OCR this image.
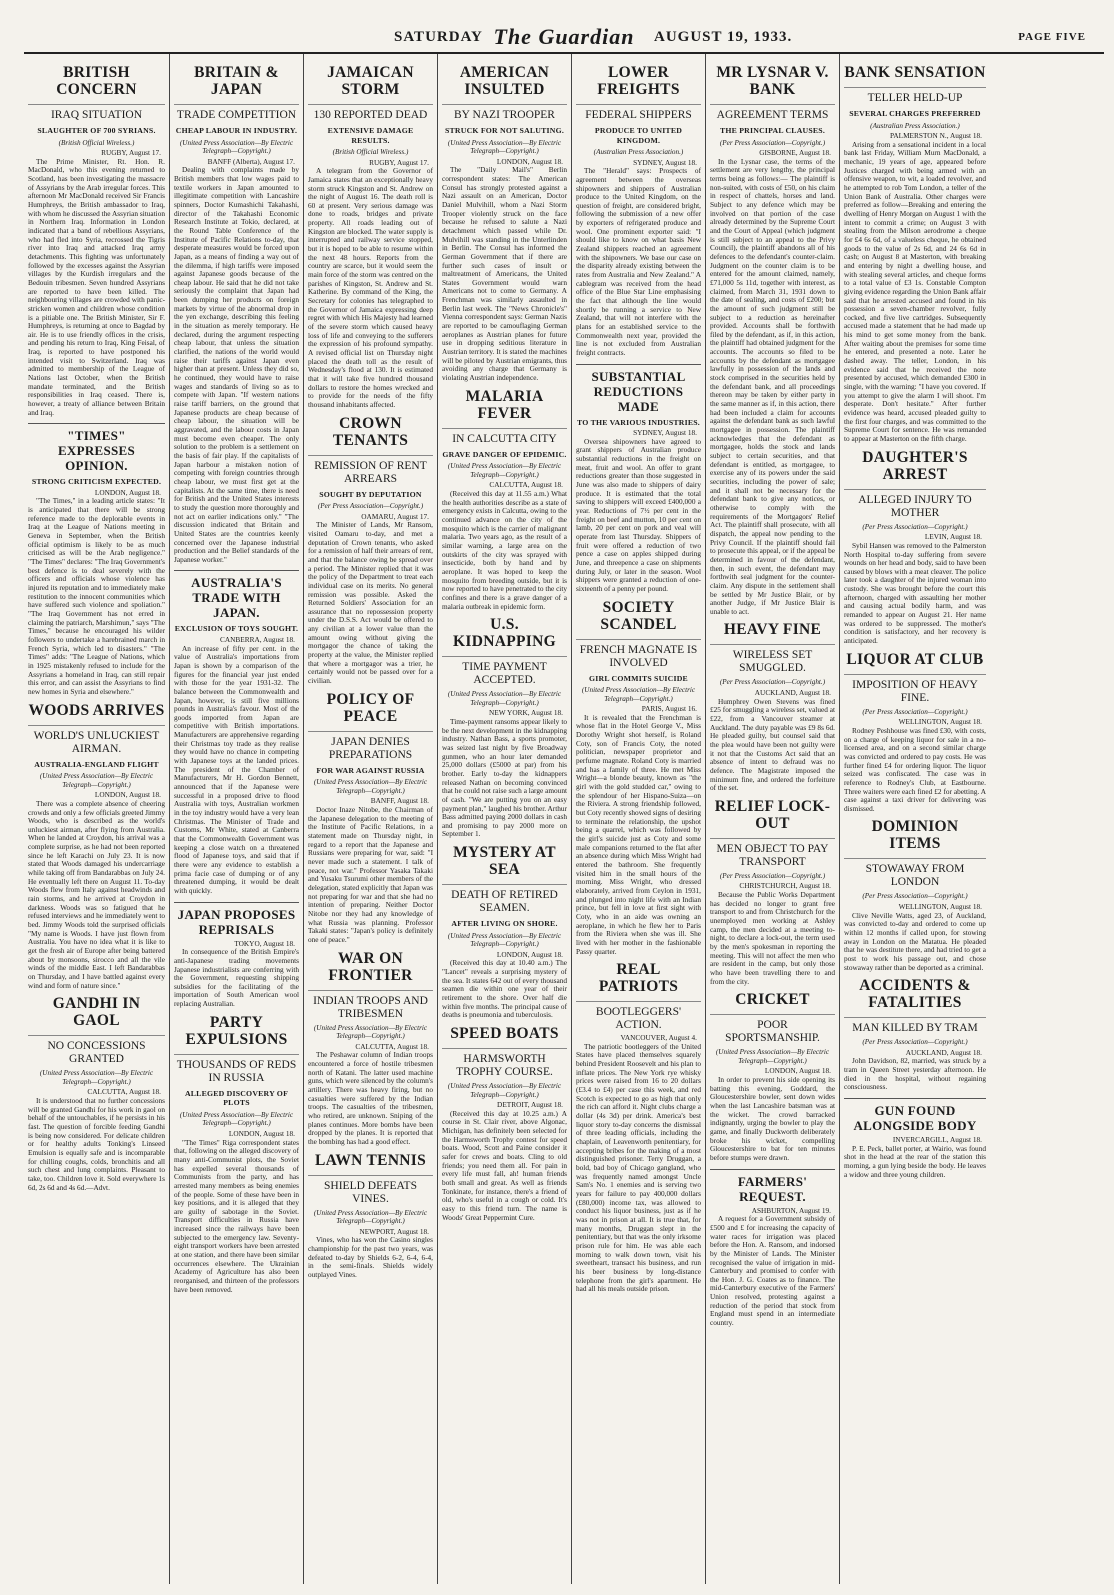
SATURDAY The Guardian AUGUST 19, 1933.	PAGE FIVE
BRITISH CONCERN
IRAQ SITUATION
SLAUGHTER OF 700 SYRIANS.
(British Official Wireless.)
RUGBY, August 17.

The Prime Minister, Rt. Hon. R. MacDonald, who this evening returned to Scotland, has been investigating the massacre of Assyrians by the Arab irregular forces. This afternoon Mr MacDonald received Sir Francis Humphreys, the British ambassador to Iraq, with whom he discussed the Assyrian situation in Northern Iraq. Information in London indicated that a band of rebellious Assyrians, who had fled into Syria, recrossed the Tigris river into Iraq and attacked Iraq army detachments. This fighting was unfortunately followed by the excesses against the Assyrian villages by the Kurdish irregulars and the Bedouin tribesmen. Seven hundred Assyrians are reported to have been killed. The neighbouring villages are crowded with panic-stricken women and children whose condition is a pitiable one. The British Minister, Sir F. Humphreys, is returning at once to Bagdad by air. He is to use friendly offices in the crisis, and pending his return to Iraq, King Feisal, of Iraq, is reported to have postponed his intended visit to Switzerland. Iraq was admitted to membership of the League of Nations last October, when the British mandate terminated, and the British responsibilities in Iraq ceased. There is, however, a treaty of alliance between Britain and Iraq.

"TIMES" EXPRESSES OPINION.
STRONG CRITICISM EXPECTED.
LONDON, August 18.

"The Times," in a leading article states: "It is anticipated that there will be strong reference made to the deplorable events in Iraq at the League of Nations meeting in Geneva in September, when the British official optimism is likely to be as much criticised as will be the Arab negligence." "The Times" declares: "The Iraq Government's best defence is to deal severely with the officers and officials whose violence has injured its reputation and to immediately make restitution to the innocent communities which have suffered such violence and spoliation." "The Iraq Government has not erred in claiming the patriarch, Marshimun," says "The Times," because he encouraged his wilder followers to undertake a harebrained march in French Syria, which led to disasters." "The Times" adds: "The League of Nations, which in 1925 mistakenly refused to include for the Assyrians a homeland in Iraq, can still repair this error, and can assist the Assyrians to find new homes in Syria and elsewhere."

WOODS ARRIVES
WORLD'S UNLUCKIEST AIRMAN.
AUSTRALIA-ENGLAND FLIGHT
(United Press Association—By Electric Telegraph—Copyright.)
LONDON, August 18.

There was a complete absence of cheering crowds and only a few officials greeted Jimmy Woods, who is described as the world's unluckiest airman, after flying from Australia. When he landed at Croydon, his arrival was a complete surprise, as he had not been reported since he left Karachi on July 23. It is now stated that Woods damaged his undercarriage while taking off from Bandarabbas on July 24. He eventually left there on August 11. To-day Woods flew from Italy against headwinds and rain storms, and he arrived at Croydon in darkness. Woods was so fatigued that he refused interviews and he immediately went to bed. Jimmy Woods told the surprised officials "My name is Woods. I have just flown from Australia. You have no idea what it is like to get the fresh air of Europe after being battered about by monsoons, sirocco and all the vile winds of the middle East. I left Bandarabbas on Thursday, and I have battled against every wind and form of nature since."

GANDHI IN GAOL
NO CONCESSIONS GRANTED
(United Press Association—By Electric Telegraph—Copyright.)
CALCUTTA, August 18.

It is understood that no further concessions will be granted Gandhi for his work in gaol on behalf of the untouchables, if he persists in his fast. The question of forcible feeding Gandhi is being now considered. For delicate children or for healthy adults Tonking's Linseed Emulsion is equally safe and is incomparable for chilling coughs, colds, bronchitis and all such chest and lung complaints. Pleasant to take, too. Children love it. Sold everywhere 1s 6d, 2s 6d and 4s 6d.—Advt.

BRITAIN & JAPAN
TRADE COMPETITION
CHEAP LABOUR IN INDUSTRY.
(United Press Association—By Electric Telegraph—Copyright.)
BANFF (Alberta), August 17.

Dealing with complaints made by British members that low wages paid to textile workers in Japan amounted to illegitimate competition with Lancashire spinners, Doctor Kumashichi Takahashi, director of the Takahashi Economic Research Institute at Tokio, declared, at the Round Table Conference of the Institute of Pacific Relations to-day, that desperate measures would be forced upon Japan, as a means of finding a way out of the dilemma, if high tariffs were imposed against Japanese goods because of the cheap labour. He said that he did not take seriously the complaint that Japan had been dumping her products on foreign markets by virtue of the abnormal drop in the yen exchange, describing this feeling in the situation as merely temporary. He declared, during the argument respecting cheap labour, that unless the situation clarified, the nations of the world would raise their tariffs against Japan even higher than at present. Unless they did so, he continued, they would have to raise wages and standards of living so as to compete with Japan. "If western nations raise tariff barriers, on the ground that Japanese products are cheap because of cheap labour, the situation will be aggravated, and the labour costs in Japan must become even cheaper. The only solution to the problem is a settlement on the basis of fair play. If the capitalists of Japan harbour a mistaken notion of competing with foreign countries through cheap labour, we must first get at the capitalists. At the same time, there is need for British and the United States interests to study the question more thoroughly and not act on earlier indications only." "The discussion indicated that Britain and United States are the countries keenly concerned over the Japanese industrial production and the Belief standards of the Japanese worker."

AUSTRALIA'S TRADE WITH JAPAN.
EXCLUSION OF TOYS SOUGHT.
CANBERRA, August 18.

An increase of fifty per cent. in the value of Australia's importations from Japan is shown by a comparison of the figures for the financial year just ended with those for the year 1931-32. The balance between the Commonwealth and Japan, however, is still five millions pounds in Australia's favour. Most of the goods imported from Japan are competitive with British importations. Manufacturers are apprehensive regarding their Christmas toy trade as they realise they would have no chance in competing with Japanese toys at the landed prices. The president of the Chamber of Manufacturers, Mr H. Gordon Bennett, announced that if the Japanese were successful in a proposed drive to flood Australia with toys, Australian workmen in the toy industry would have a very lean Christmas. The Minister of Trade and Customs, Mr White, stated at Canberra that the Commonwealth Government was keeping a close watch on a threatened flood of Japanese toys, and said that if there were any evidence to establish a prima facie case of dumping or of any threatened dumping, it would be dealt with quickly.

JAPAN PROPOSES REPRISALS
TOKYO, August 18.

In consequence of the British Empire's anti-Japanese trading movements Japanese industrialists are conferring with the Government, requesting shipping subsidies for the facilitating of the importation of South American wool replacing Australian.

PARTY EXPULSIONS
THOUSANDS OF REDS IN RUSSIA
ALLEGED DISCOVERY OF PLOTS
(United Press Association—By Electric Telegraph—Copyright.)
LONDON, August 18.

"The Times" Riga correspondent states that, following on the alleged discovery of many anti-Communist plots, the Soviet has expelled several thousands of Communists from the party, and has arrested many members as being enemies of the people. Some of these have been in key positions, and it is alleged that they are guilty of sabotage in the Soviet. Transport difficulties in Russia have increased since the railways have been subjected to the emergency law. Seventy-eight transport workers have been arrested at one station, and there have been similar occurrences elsewhere. The Ukrainian Academy of Agriculture has also been reorganised, and thirteen of the professors have been removed.

JAMAICAN STORM
130 REPORTED DEAD
EXTENSIVE DAMAGE RESULTS.
(British Official Wireless.)
RUGBY, August 17.

A telegram from the Governor of Jamaica states that an exceptionally heavy storm struck Kingston and St. Andrew on the night of August 16. The death roll is 60 at present. Very serious damage was done to roads, bridges and private property. All roads leading out of Kingston are blocked. The water supply is interrupted and railway service stopped, but it is hoped to be able to resume within the next 48 hours. Reports from the country are scarce, but it would seem the main force of the storm was centred on the parishes of Kingston, St. Andrew and St. Katherine. By command of the King, the Secretary for colonies has telegraphed to the Governor of Jamaica expressing deep regret with which His Majesty had learned of the severe storm which caused heavy loss of life and conveying to the sufferers the expression of his profound sympathy. A revised official list on Thursday night placed the death toll as the result of Wednesday's flood at 130. It is estimated that it will take five hundred thousand dollars to restore the homes wrecked and to provide for the needs of the fifty thousand inhabitants affected.

CROWN TENANTS
REMISSION OF RENT ARREARS
SOUGHT BY DEPUTATION
(Per Press Association—Copyright.)
OAMARU, August 17.

The Minister of Lands, Mr Ransom, visited Oamaru to-day, and met a deputation of Crown tenants, who asked for a remission of half their arrears of rent, and that the balance owing be spread over a period. The Minister replied that it was the policy of the Department to treat each individual case on its merits. No general remission was possible. Asked the Returned Soldiers' Association for an assurance that no repossession property under the D.S.S. Act would be offered to any civilian at a lower value than the amount owing without giving the mortgagor the chance of taking the property at the value, the Minister replied that where a mortgagor was a trier, he certainly would not be passed over for a civilian.

POLICY OF PEACE
JAPAN DENIES PREPARATIONS
FOR WAR AGAINST RUSSIA
(United Press Association—By Electric Telegraph—Copyright.)
BANFF, August 18.

Doctor Inaze Nitobe, the Chairman of the Japanese delegation to the meeting of the Institute of Pacific Relations, in a statement made on Thursday night, in regard to a report that the Japanese and Russians were preparing for war, said: "I never made such a statement. I talk of peace, not war." Professor Yasaka Takaki and Yusaku Tsurumi other members of the delegation, stated explicitly that Japan was not preparing for war and that she had no intention of preparing. Neither Doctor Nitobe nor they had any knowledge of what Russia was planning. Professor Takaki states: "Japan's policy is definitely one of peace."

WAR ON FRONTIER
INDIAN TROOPS AND TRIBESMEN
(United Press Association—By Electric Telegraph—Copyright.)
CALCUTTA, August 18.

The Peshawar column of Indian troops encountered a force of hostile tribesmen north of Katani. The latter used machine guns, which were silenced by the column's artillery. There was heavy firing, but no casualties were suffered by the Indian troops. The casualties of the tribesmen, who retired, are unknown. Sniping of the planes continues. More bombs have been dropped by the planes. It is reported that the bombing has had a good effect.

LAWN TENNIS
SHIELD DEFEATS VINES.
(United Press Association—By Electric Telegraph—Copyright.)
NEWPORT, August 18.

Vines, who has won the Casino singles championship for the past two years, was defeated to-day by Shields 6-2, 6-4, 6-4, in the semi-finals. Shields widely outplayed Vines.

AMERICAN INSULTED
BY NAZI TROOPER
STRUCK FOR NOT SALUTING.
(United Press Association—By Electric Telegraph—Copyright.)
LONDON, August 18.

The "Daily Mail's" Berlin correspondent states: The American Consul has strongly protested against a Nazi assault on an American, Doctor Daniel Mulvihill, whom a Nazi Storm Trooper violently struck on the face because he refused to salute a Nazi detachment which passed while Dr. Mulvihill was standing in the Unterlinden in Berlin. The Consul has informed the German Government that if there are further such cases of insult or maltreatment of Americans, the United States Government would warn Americans not to come to Germany. A Frenchman was similarly assaulted in Berlin last week. The "News Chronicle's" Vienna correspondent says: German Nazis are reported to be camouflaging German aeroplanes as Austrian planes for future use in dropping seditious literature in Austrian territory. It is stated the machines will be piloted by Austrian emigrants, thus avoiding any charge that Germany is violating Austrian independence.

MALARIA FEVER
IN CALCUTTA CITY
GRAVE DANGER OF EPIDEMIC.
(United Press Association—By Electric Telegraph—Copyright.)
CALCUTTA, August 18.

(Received this day at 11.55 a.m.) What the health authorities describe as a state of emergency exists in Calcutta, owing to the continued advance on the city of the mosquito which is the carrier of malignant malaria. Two years ago, as the result of a similar warning, a large area on the outskirts of the city was sprayed with insecticide, both by hand and by aeroplane. It was hoped to keep the mosquito from breeding outside, but it is now reported to have penetrated to the city confines and there is a grave danger of a malaria outbreak in epidemic form.

U.S. KIDNAPPING
TIME PAYMENT ACCEPTED.
(United Press Association—By Electric Telegraph—Copyright.)
NEW YORK, August 18.

Time-payment ransoms appear likely to be the next development in the kidnapping industry. Nathan Bass, a sports promoter, was seized last night by five Broadway gunmen, who an hour later demanded 25,000 dollars (£5000 at par) from his brother. Early to-day the kidnappers released Nathan on becoming convinced that he could not raise such a large amount of cash. "We are putting you on an easy payment plan," laughed his brother. Arthur Bass admitted paying 2000 dollars in cash and promising to pay 2000 more on September 1.

MYSTERY AT SEA
DEATH OF RETIRED SEAMEN.
AFTER LIVING ON SHORE.
(United Press Association—By Electric Telegraph—Copyright.)
LONDON, August 18.

(Received this day at 10.40 a.m.) The "Lancet" reveals a surprising mystery of the sea. It states 642 out of every thousand seamen die within one year of their retirement to the shore. Over half die within five months. The principal cause of deaths is pneumonia and tuberculosis.

SPEED BOATS
HARMSWORTH TROPHY COURSE.
(United Press Association—By Electric Telegraph—Copyright.)
DETROIT, August 18.

(Received this day at 10.25 a.m.) A course in St. Clair river, above Algonac, Michigan, has definitely been selected for the Harmsworth Trophy contest for speed boats. Wood, Scott and Paine consider it safer for crews and boats. Cling to old friends; you need them all. For pain in every life must fall, ah! human friends both small and great. As well as friends Tonkinate, for instance, there's a friend of old, who's useful in a cough or cold. It's easy to this friend turn. The name is Woods' Great Peppermint Cure.

LOWER FREIGHTS
FEDERAL SHIPPERS
PRODUCE TO UNITED KINGDOM.
(Australian Press Association.)
SYDNEY, August 18.

The "Herald" says: Prospects of agreement between the overseas shipowners and shippers of Australian produce to the United Kingdom, on the question of freight, are considered bright, following the submission of a new offer by exporters of refrigerated produce and wool. One prominent exporter said: "I should like to know on what basis New Zealand shippers reached an agreement with the shipowners. We base our case on the disparity already existing between the rates from Australia and New Zealand." A cablegram was received from the head office of the Blue Star Line emphasising the fact that although the line would shortly be running a service to New Zealand, that will not interfere with the plans for an established service to the Commonwealth next year, provided the line is not excluded from Australian freight contracts.

SUBSTANTIAL REDUCTIONS MADE
TO THE VARIOUS INDUSTRIES.
SYDNEY, August 18.

Oversea shipowners have agreed to grant shippers of Australian produce substantial reductions in the freight on meat, fruit and wool. An offer to grant reductions greater than those suggested in June was also made to shippers of dairy produce. It is estimated that the total saving to shippers will exceed £400,000 a year. Reductions of 7½ per cent in the freight on beef and mutton, 10 per cent on lamb, 20 per cent on pork and veal will operate from last Thursday. Shippers of fruit were offered a reduction of two pence a case on apples shipped during June, and threepence a case on shipments during July, or later in the season. Wool shippers were granted a reduction of one-sixteenth of a penny per pound.

SOCIETY SCANDEL
FRENCH MAGNATE IS INVOLVED
GIRL COMMITS SUICIDE
(United Press Association—By Electric Telegraph—Copyright.)
PARIS, August 16.

It is revealed that the Frenchman is whose flat in the Hotel George V., Miss Dorothy Wright shot herself, is Roland Coty, son of Francis Coty, the noted politician, newspaper proprietor and perfume magnate. Roland Coty is married and has a family of three. He met Miss Wright—a blonde beauty, known as "the girl with the gold studded car," owing to the splendour of her Hispano-Suiza—on the Riviera. A strong friendship followed, but Coty recently showed signs of desiring to terminate the relationship, the upshot being a quarrel, which was followed by the girl's suicide just as Coty and some male companions returned to the flat after an absence during which Miss Wright had entered the bathroom. She frequently visited him in the small hours of the morning. Miss Wright, who dressed elaborately, arrived from Ceylon in 1931, and plunged into night life with an Indian prince, but fell in love at first sight with Coty, who in an aide was owning an aeroplane, in which he flew her to Paris from the Riviera when she was ill. She lived with her mother in the fashionable Passy quarter.

REAL PATRIOTS
BOOTLEGGERS' ACTION.
VANCOUVER, August 4.

The patriotic bootleggers of the United States have placed themselves squarely behind President Roosevelt and his plan to inflate prices. The New York rye whisky prices were raised from 16 to 20 dollars (£3.4 to £4) per case this week, and red Scotch is expected to go as high that only the rich can afford it. Night clubs charge a dollar (4s 3d) per drink. America's best liquor story to-day concerns the dismissal of three leading officials, including the chaplain, of Leavenworth penitentiary, for accepting bribes for the making of a most distinguished prisoner. Terry Druggan, a bold, bad boy of Chicago gangland, who was frequently named amongst Uncle Sam's No. 1 enemies and is serving two years for failure to pay 400,000 dollars (£80,000) income tax, was allowed to conduct his liquor business, just as if he was not in prison at all. It is true that, for many months, Druggan slept in the penitentiary, but that was the only irksome prison rule for him. He was able each morning to walk down town, visit his sweetheart, transact his business, and run his beer business by long-distance telephone from the girl's apartment. He had all his meals outside prison.

MR LYSNAR V. BANK
AGREEMENT TERMS
THE PRINCIPAL CLAUSES.
(Per Press Association—Copyright.)
GISBORNE, August 18.

In the Lysnar case, the terms of the settlement are very lengthy, the principal terms being as follows:— The plaintiff is non-suited, with costs of £50, on his claim in respect of chattels, horses and land. Subject to any defence which may be involved on that portion of the case already determined by the Supreme Court and the Court of Appeal (which judgment is still subject to an appeal to the Privy Council), the plaintiff abandons all of his defences to the defendant's counter-claim. Judgment on the counter claim is to be entered for the amount claimed, namely, £71,000 5s 11d, together with interest, as claimed, from March 31, 1931 down to the date of sealing, and costs of £200; but the amount of such judgment still be subject to a reduction as hereinafter provided. Accounts shall be forthwith filed by the defendant, as if, in this action, the plaintiff had obtained judgment for the accounts. The accounts so filed to be accounts by the defendant as mortgagee lawfully in possession of the lands and stock comprised in the securities held by the defendant bank, and all proceedings thereon may be taken by either party in the same manner as if, in this action, there had been included a claim for accounts against the defendant bank as such lawful mortgagee in possession. The plaintiff acknowledges that the defendant as mortgagee, holds the stock and lands subject to certain securities, and that defendant is entitled, as mortgagee, to exercise any of its powers under the said securities, including the power of sale; and it shall not be necessary for the defendant bank to give any notices, or otherwise to comply with the requirements of the Mortgagors' Relief Act. The plaintiff shall prosecute, with all dispatch, the appeal now pending to the Privy Council. If the plaintiff should fail to prosecute this appeal, or if the appeal be determined in favour of the defendant, then, in such event, the defendant may forthwith seal judgment for the counter-claim. Any dispute in the settlement shall be settled by Mr Justice Blair, or by another Judge, if Mr Justice Blair is unable to act.

HEAVY FINE
WIRELESS SET SMUGGLED.
(Per Press Association—Copyright.)
AUCKLAND, August 18.

Humphrey Owen Stevens was fined £25 for smuggling a wireless set, valued at £22, from a Vancouver steamer at Auckland. The duty payable was £9 8s 6d. He pleaded guilty, but counsel said that the plea would have been not guilty were it not that the Customs Act said that an absence of intent to defraud was no defence. The Magistrate imposed the minimum fine, and ordered the forfeiture of the set.

RELIEF LOCK-OUT
MEN OBJECT TO PAY TRANSPORT
(Per Press Association—Copyright.)
CHRISTCHURCH, August 18.

Because the Public Works Department has decided no longer to grant free transport to and from Christchurch for the unemployed men working at Ashley camp, the men decided at a meeting to-night, to declare a lock-out, the term used by the men's spokesman in reporting the meeting. This will not affect the men who are resident in the camp, but only those who have been travelling there to and from the city.

CRICKET
POOR SPORTSMANSHIP.
(United Press Association—By Electric Telegraph—Copyright.)
LONDON, August 18.

In order to prevent his side opening its batting this evening, Goddard, the Gloucestershire bowler, sent down wides when the last Lancashire batsman was at the wicket. The crowd barracked indignantly, urging the bowler to play the game, and finally Duckworth deliberately broke his wicket, compelling Gloucestershire to bat for ten minutes before stumps were drawn.

FARMERS' REQUEST.
ASHBURTON, August 19.

A request for a Government subsidy of £500 and £ for increasing the capacity of water races for irrigation was placed before the Hon. A. Ransom, and indorsed by the Minister of Lands. The Minister recognised the value of irrigation in mid-Canterbury and promised to confer with the Hon. J. G. Coates as to finance. The mid-Canterbury executive of the Farmers' Union resolved, protesting against a reduction of the period that stock from England must spend in an intermediate country.

BANK SENSATION
TELLER HELD-UP
SEVERAL CHARGES PREFERRED
(Australian Press Association.)
PALMERSTON N., August 18.

Arising from a sensational incident in a local bank last Friday, William Murn MacDonald, a mechanic, 19 years of age, appeared before Justices charged with being armed with an offensive weapon, to wit, a loaded revolver, and he attempted to rob Tom London, a teller of the Union Bank of Australia. Other charges were preferred as follow—Breaking and entering the dwelling of Henry Morgan on August 1 with the intent to commit a crime; on August 3 with stealing from the Milson aerodrome a cheque for £4 6s 6d, of a valueless cheque, he obtained goods to the value of 2s 6d, and 24 6s 6d in cash; on August 8 at Masterton, with breaking and entering by night a dwelling house, and with stealing several articles, and cheque forms to a total value of £3 1s. Constable Compton giving evidence regarding the Union Bank affair said that he arrested accused and found in his possession a seven-chamber revolver, fully cocked, and five live cartridges. Subsequently accused made a statement that he had made up his mind to get some money from the bank. After waiting about the premises for some time he entered, and presented a note. Later he dashed away. The teller, London, in his evidence said that he received the note presented by accused, which demanded £300 in single, with the warning: "I have you covered. If you attempt to give the alarm I will shoot. I'm desperate. Don't hesitate." After further evidence was heard, accused pleaded guilty to the first four charges, and was committed to the Supreme Court for sentence. He was remanded to appear at Masterton on the fifth charge.

DAUGHTER'S ARREST
ALLEGED INJURY TO MOTHER
(Per Press Association—Copyright.)
LEVIN, August 18.

Sybil Hansen was removed to the Palmerston North Hospital to-day suffering from severe wounds on her head and body, said to have been caused by blows with a meat cleaver. The police later took a daughter of the injured woman into custody. She was brought before the court this afternoon, charged with assaulting her mother and causing actual bodily harm, and was remanded to appear on August 21. Her name was ordered to be suppressed. The mother's condition is satisfactory, and her recovery is anticipated.

LIQUOR AT CLUB
IMPOSITION OF HEAVY FINE.
(Per Press Association—Copyright.)
WELLINGTON, August 18.

Rodney Peshhouse was fined £30, with costs, on a charge of keeping liquor for sale in a no-licensed area, and on a second similar charge was convicted and ordered to pay costs. He was further fined £4 for ordering liquor. The liquor seized was confiscated. The case was in reference to Rodney's Club, at Eastbourne. Three waiters were each fined £2 for abetting. A case against a taxi driver for delivering was dismissed.

DOMINION ITEMS
STOWAWAY FROM LONDON
(Per Press Association—Copyright.)
WELLINGTON, August 18.

Clive Neville Watts, aged 23, of Auckland, was convicted to-day and ordered to come up within 12 months if called upon, for stowing away in London on the Matatua. He pleaded that he was destitute there, and had tried to get a post to work his passage out, and chose stowaway rather than be deported as a criminal.

ACCIDENTS & FATALITIES
MAN KILLED BY TRAM
(Per Press Association—Copyright.)
AUCKLAND, August 18.

John Davidson, 82, married, was struck by a tram in Queen Street yesterday afternoon. He died in the hospital, without regaining consciousness.

GUN FOUND ALONGSIDE BODY
INVERCARGILL, August 18.

P. E. Peck, ballet porter, at Wairio, was found shot in the head at the rear of the station this morning, a gun lying beside the body. He leaves a widow and three young children.
